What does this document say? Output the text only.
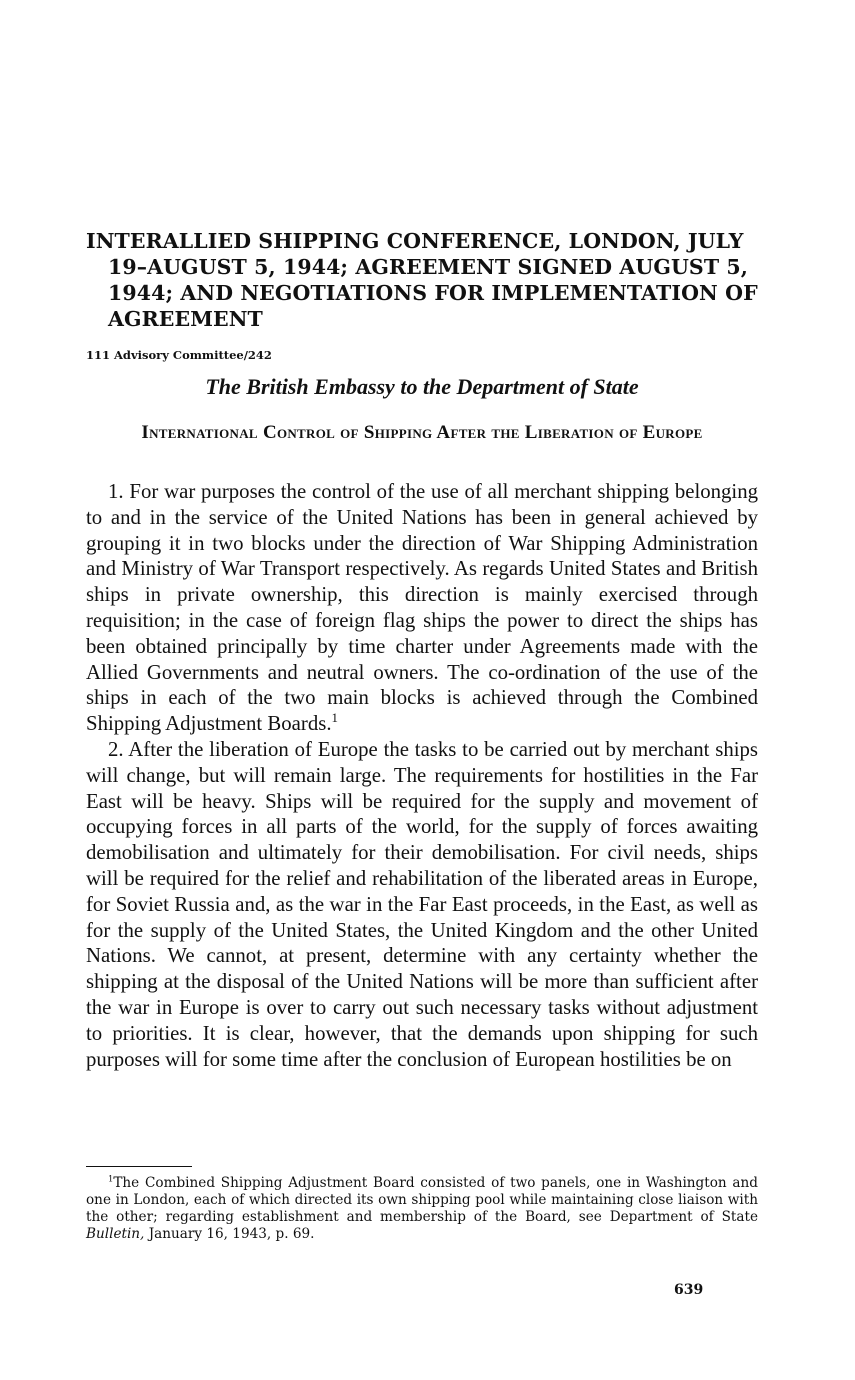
INTERALLIED SHIPPING CONFERENCE, LONDON, JULY 19–AUGUST 5, 1944; AGREEMENT SIGNED AUGUST 5, 1944; AND NEGOTIATIONS FOR IMPLEMENTATION OF AGREEMENT

111 Advisory Committee/242

The British Embassy to the Department of State
International Control of Shipping After the Liberation of Europe

1. For war purposes the control of the use of all merchant shipping belonging to and in the service of the United Nations has been in general achieved by grouping it in two blocks under the direction of War Shipping Administration and Ministry of War Transport respectively. As regards United States and British ships in private ownership, this direction is mainly exercised through requisition; in the case of foreign flag ships the power to direct the ships has been obtained principally by time charter under Agreements made with the Allied Governments and neutral owners. The co-ordination of the use of the ships in each of the two main blocks is achieved through the Combined Shipping Adjustment Boards.$^1$

2. After the liberation of Europe the tasks to be carried out by merchant ships will change, but will remain large. The requirements for hostilities in the Far East will be heavy. Ships will be required for the supply and movement of occupying forces in all parts of the world, for the supply of forces awaiting demobilisation and ultimately for their demobilisation. For civil needs, ships will be required for the relief and rehabilitation of the liberated areas in Europe, for Soviet Russia and, as the war in the Far East proceeds, in the East, as well as for the supply of the United States, the United Kingdom and the other United Nations. We cannot, at present, determine with any certainty whether the shipping at the disposal of the United Nations will be more than sufficient after the war in Europe is over to carry out such necessary tasks without adjustment to priorities. It is clear, however, that the demands upon shipping for such purposes will for some time after the conclusion of European hostilities be on

$^1$The Combined Shipping Adjustment Board consisted of two panels, one in Washington and one in London, each of which directed its own shipping pool while maintaining close liaison with the other; regarding establishment and membership of the Board, see Department of State Bulletin, January 16, 1943, p. 69.

639
